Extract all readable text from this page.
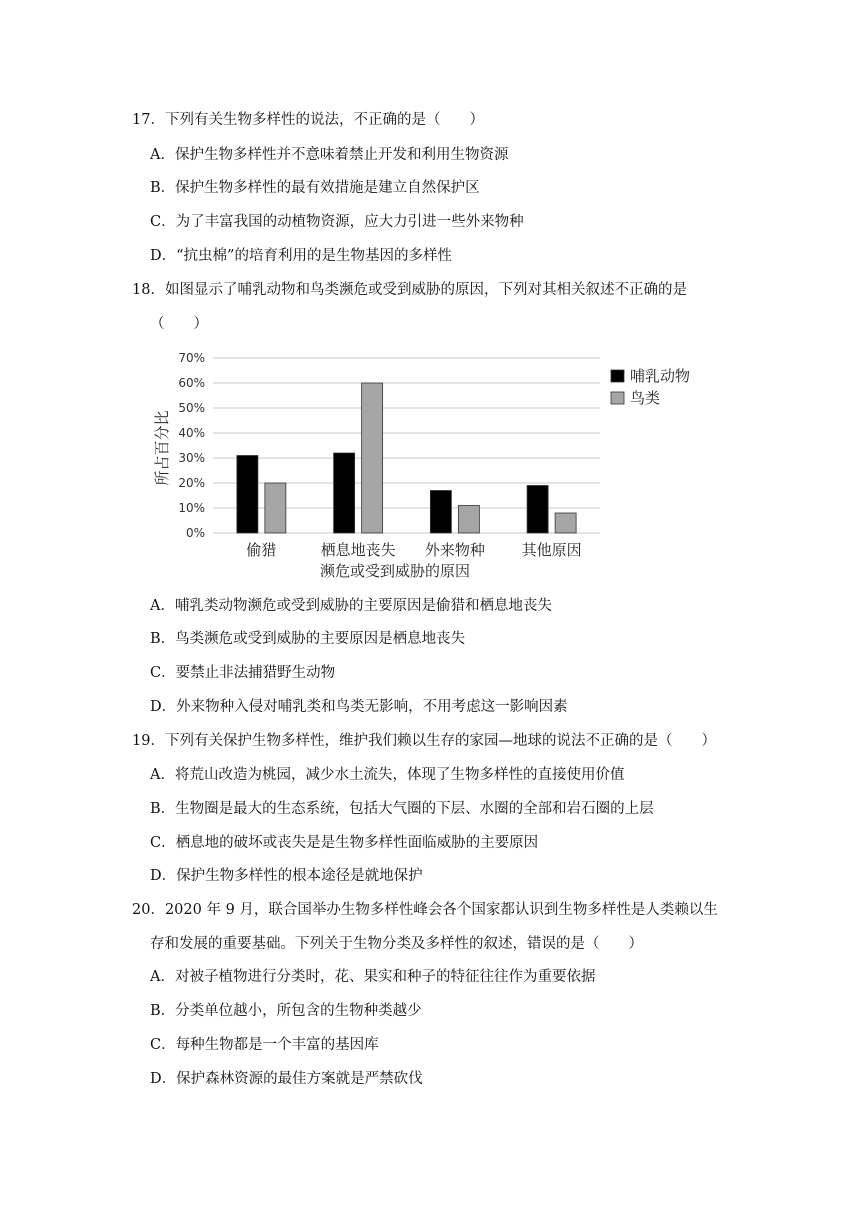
17．下列有关生物多样性的说法，不正确的是（　　）
A．保护生物多样性并不意味着禁止开发和利用生物资源
B．保护生物多样性的最有效措施是建立自然保护区
C．为了丰富我国的动植物资源，应大力引进一些外来物种
D．“抗虫棉”的培育利用的是生物基因的多样性
18．如图显示了哺乳动物和鸟类濒危或受到威胁的原因，下列对其相关叙述不正确的是
（　　）
0%
10%
20%
30%
40%
50%
60%
70%
偷猎	栖息地丧失 外来物种 其他原因
所占百分比
濒危或受到威胁的原因
哺乳动物
鸟类
A．哺乳类动物濒危或受到威胁的主要原因是偷猎和栖息地丧失
B．鸟类濒危或受到威胁的主要原因是栖息地丧失
C．要禁止非法捕猎野生动物
D．外来物种入侵对哺乳类和鸟类无影响，不用考虑这一影响因素
19．下列有关保护生物多样性，维护我们赖以生存的家园—地球的说法不正确的是（　　）
A．将荒山改造为桃园，减少水土流失，体现了生物多样性的直接使用价值
B．生物圈是最大的生态系统，包括大气圈的下层、水圈的全部和岩石圈的上层
C．栖息地的破坏或丧失是是生物多样性面临威胁的主要原因
D．保护生物多样性的根本途径是就地保护
20．2020 年 9 月，联合国举办生物多样性峰会各个国家都认识到生物多样性是人类赖以生
存和发展的重要基础。下列关于生物分类及多样性的叙述，错误的是（　　）
A．对被子植物进行分类时，花、果实和种子的特征往往作为重要依据
B．分类单位越小，所包含的生物种类越少
C．每种生物都是一个丰富的基因库
D．保护森林资源的最佳方案就是严禁砍伐
